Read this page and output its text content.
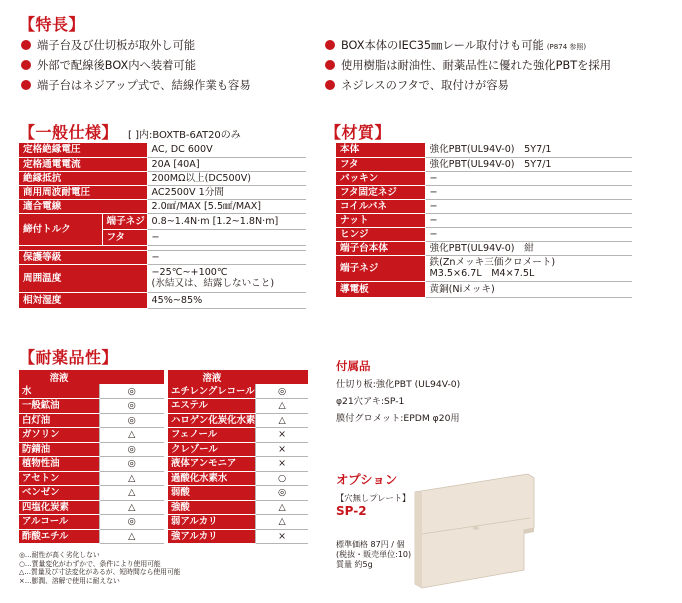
【特長】
端子台及び仕切板が取外し可能
外部で配線後BOX内へ装着可能
端子台はネジアップ式で、結線作業も容易
BOX本体のIEC35㎜レール取付けも可能 (P874 参照)
使用樹脂は耐油性、耐薬品性に優れた強化PBTを採用
ネジレスのフタで、取付けが容易
【一般仕様】 [ ]内:BOXTB-6AT20のみ
定格絶縁電圧		AC, DC 600V
定格通電電流		20A [40A]
絶縁抵抗		200MΩ以上(DC500V)
商用周波耐電圧		AC2500V 1分間
適合電線		2.0㎟/MAX [5.5㎟/MAX]
締付トルク	端子ネジ	0.8~1.4N·m [1.2~1.8N·m]
	フタ	−

保護等級		−
周囲温度		−25℃~+100℃
(氷結又は、結露しないこと)

相対湿度		45%~85%
【材質】
本体	強化PBT(UL94V-0)　5Y7/1
フタ	強化PBT(UL94V-0)　5Y7/1
パッキン	−
フタ固定ネジ	−
コイルバネ	−
ナット	−
ヒンジ	−
端子台本体	強化PBT(UL94V-0)　紺
端子ネジ	鉄(Znメッキ三価クロメート)
M3.5×6.7L　M4×7.5L

導電板	黄銅(Niメッキ)
【耐薬品性】
溶液	
水	◎
一般鉱油	◎
白灯油	◎
ガソリン	△
防錆油	◎
植物性油	◎
アセトン	△
ベンゼン	△
四塩化炭素	△
アルコール	◎
酢酸エチル	△
溶液	
エチレングレコール	◎
エステル	△
ハロゲン化炭化水素	△
フェノール	×
クレゾール	×
液体アンモニア	×
過酸化水素水	○
弱酸	◎
強酸	△
弱アルカリ	△
強アルカリ	×
◎…耐性が高く劣化しない
○…質量変化がわずかで、条件により使用可能
△…質量及び寸法変化があるが、短時間なら使用可能
×…膨潤、溶解で使用に耐えない
付属品
仕切り板:強化PBT (UL94V-0)
φ21穴アキ:SP-1
膜付グロメット:EPDM φ20用
オプション
【穴無しプレート】
SP-2
標準価格 87円 / 個
(税抜・販売単位:10)
質量 約5g
